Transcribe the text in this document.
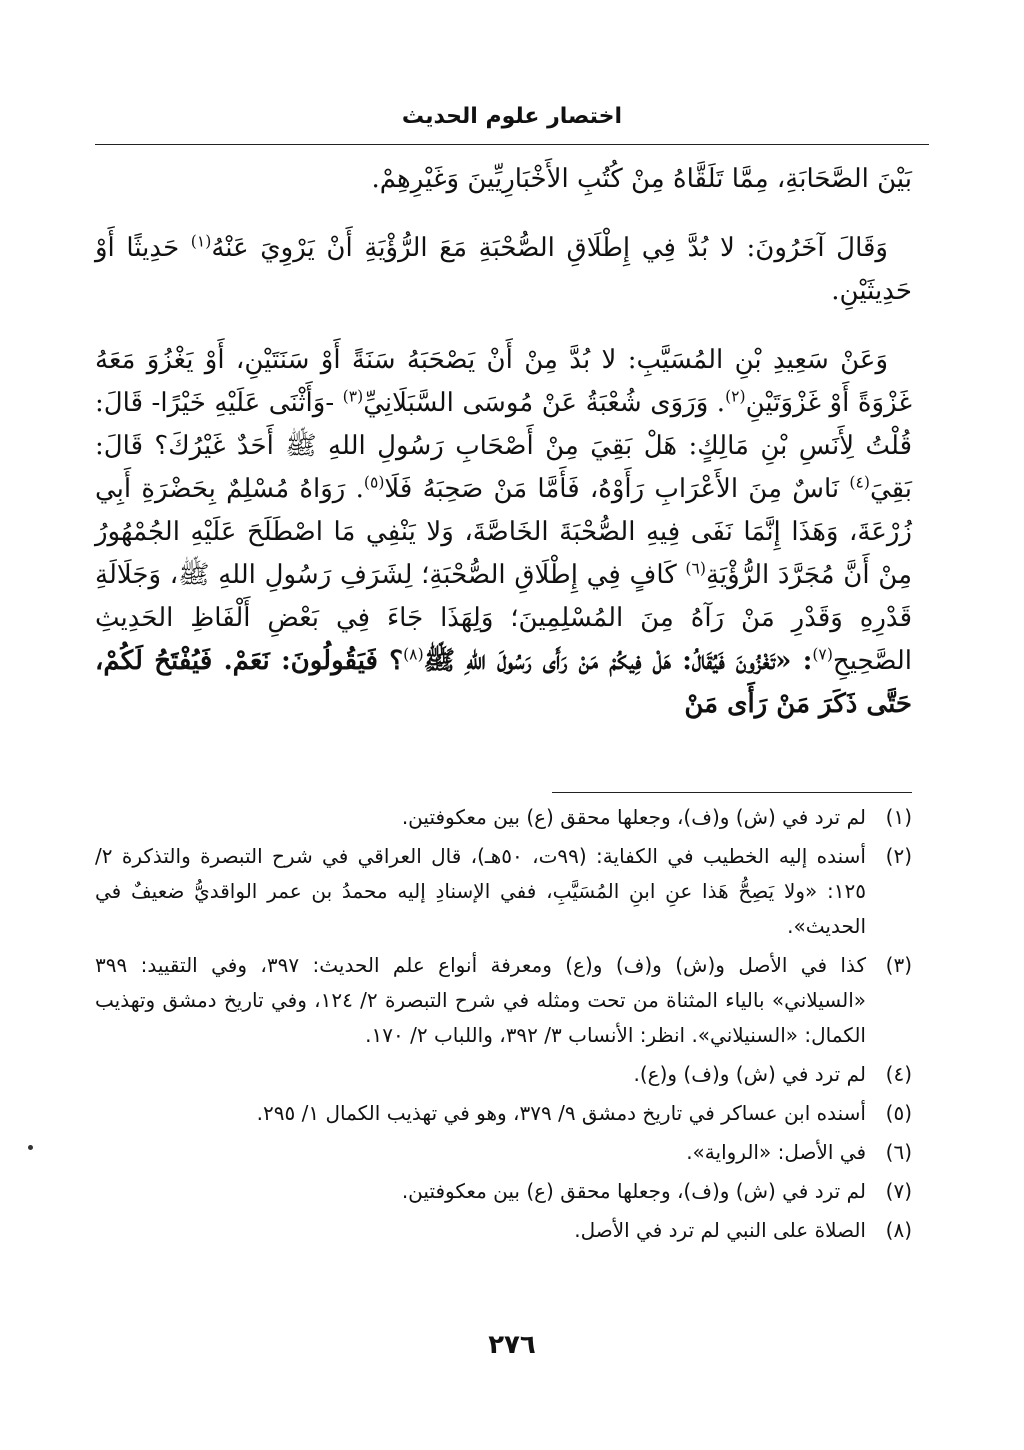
اختصار علوم الحديث

بَيْنَ الصَّحَابَةِ، مِمَّا تَلَقَّاهُ مِنْ كُتُبِ الأَخْبَارِيِّينَ وَغَيْرِهِمْ.

وَقَالَ آخَرُونَ: لا بُدَّ فِي إِطْلَاقِ الصُّحْبَةِ مَعَ الرُّؤْيَةِ أَنْ يَرْوِيَ عَنْهُ$^{(١)}$ حَدِيثًا أَوْ حَدِيثَيْنِ.

وَعَنْ سَعِيدِ بْنِ المُسَيَّبِ: لا بُدَّ مِنْ أَنْ يَصْحَبَهُ سَنَةً أَوْ سَنَتَيْنِ، أَوْ يَغْزُوَ مَعَهُ غَزْوَةً أَوْ غَزْوَتَيْنِ$^{(٢)}$. وَرَوَى شُعْبَةُ عَنْ مُوسَى السَّبَلَانِيِّ$^{(٣)}$ -وَأَثْنَى عَلَيْهِ خَيْرًا- قَالَ: قُلْتُ لِأَنَسِ بْنِ مَالِكٍ: هَلْ بَقِيَ مِنْ أَصْحَابِ رَسُولِ اللهِ ﷺ أَحَدٌ غَيْرُكَ؟ قَالَ: بَقِيَ$^{(٤)}$ نَاسٌ مِنَ الأَعْرَابِ رَأَوْهُ، فَأَمَّا مَنْ صَحِبَهُ فَلَا$^{(٥)}$. رَوَاهُ مُسْلِمٌ بِحَضْرَةِ أَبِي زُرْعَةَ، وَهَذَا إِنَّمَا نَفَى فِيهِ الصُّحْبَةَ الخَاصَّةَ، وَلا يَنْفِي مَا اصْطَلَحَ عَلَيْهِ الجُمْهُورُ مِنْ أَنَّ مُجَرَّدَ الرُّؤْيَةِ$^{(٦)}$ كَافٍ فِي إِطْلَاقِ الصُّحْبَةِ؛ لِشَرَفِ رَسُولِ اللهِ ﷺ، وَجَلَالَةِ قَدْرِهِ وَقَدْرِ مَنْ رَآهُ مِنَ المُسْلِمِينَ؛ وَلِهَذَا جَاءَ فِي بَعْضِ أَلْفَاظِ الحَدِيثِ الصَّحِيحِ$^{(٧)}$: «تَغْزُونَ فَيُقَالُ: هَلْ فِيكُمْ مَنْ رَأَى رَسُولَ اللهِ ﷺ$^{(٨)}$؟ فَيَقُولُونَ: نَعَمْ. فَيُفْتَحُ لَكُمْ، حَتَّى ذَكَرَ مَنْ رَأَى مَنْ

(١)
لم ترد في (ش) و(ف)، وجعلها محقق (ع) بين معكوفتين.
(٢)
أسنده إليه الخطيب في الكفاية: (٩٩ت، ٥٠هـ)، قال العراقي في شرح التبصرة والتذكرة ٢/ ١٢٥: «ولا يَصِحُّ هَذا عنِ ابنِ المُسَيَّبِ، ففي الإسنادِ إليه محمدُ بن عمر الواقديُّ ضعيفٌ في الحديث».
(٣)
كذا في الأصل و(ش) و(ف) و(ع) ومعرفة أنواع علم الحديث: ٣٩٧، وفي التقييد: ٣٩٩ «السيلاني» بالياء المثناة من تحت ومثله في شرح التبصرة ٢/ ١٢٤، وفي تاريخ دمشق وتهذيب الكمال: «السنيلاني». انظر: الأنساب ٣/ ٣٩٢، واللباب ٢/ ١٧٠.
(٤)
لم ترد في (ش) و(ف) و(ع).
(٥)
أسنده ابن عساكر في تاريخ دمشق ٩/ ٣٧٩، وهو في تهذيب الكمال ١/ ٢٩٥.
(٦)
في الأصل: «الرواية».
(٧)
لم ترد في (ش) و(ف)، وجعلها محقق (ع) بين معكوفتين.
(٨)
الصلاة على النبي لم ترد في الأصل.
٢٧٦
